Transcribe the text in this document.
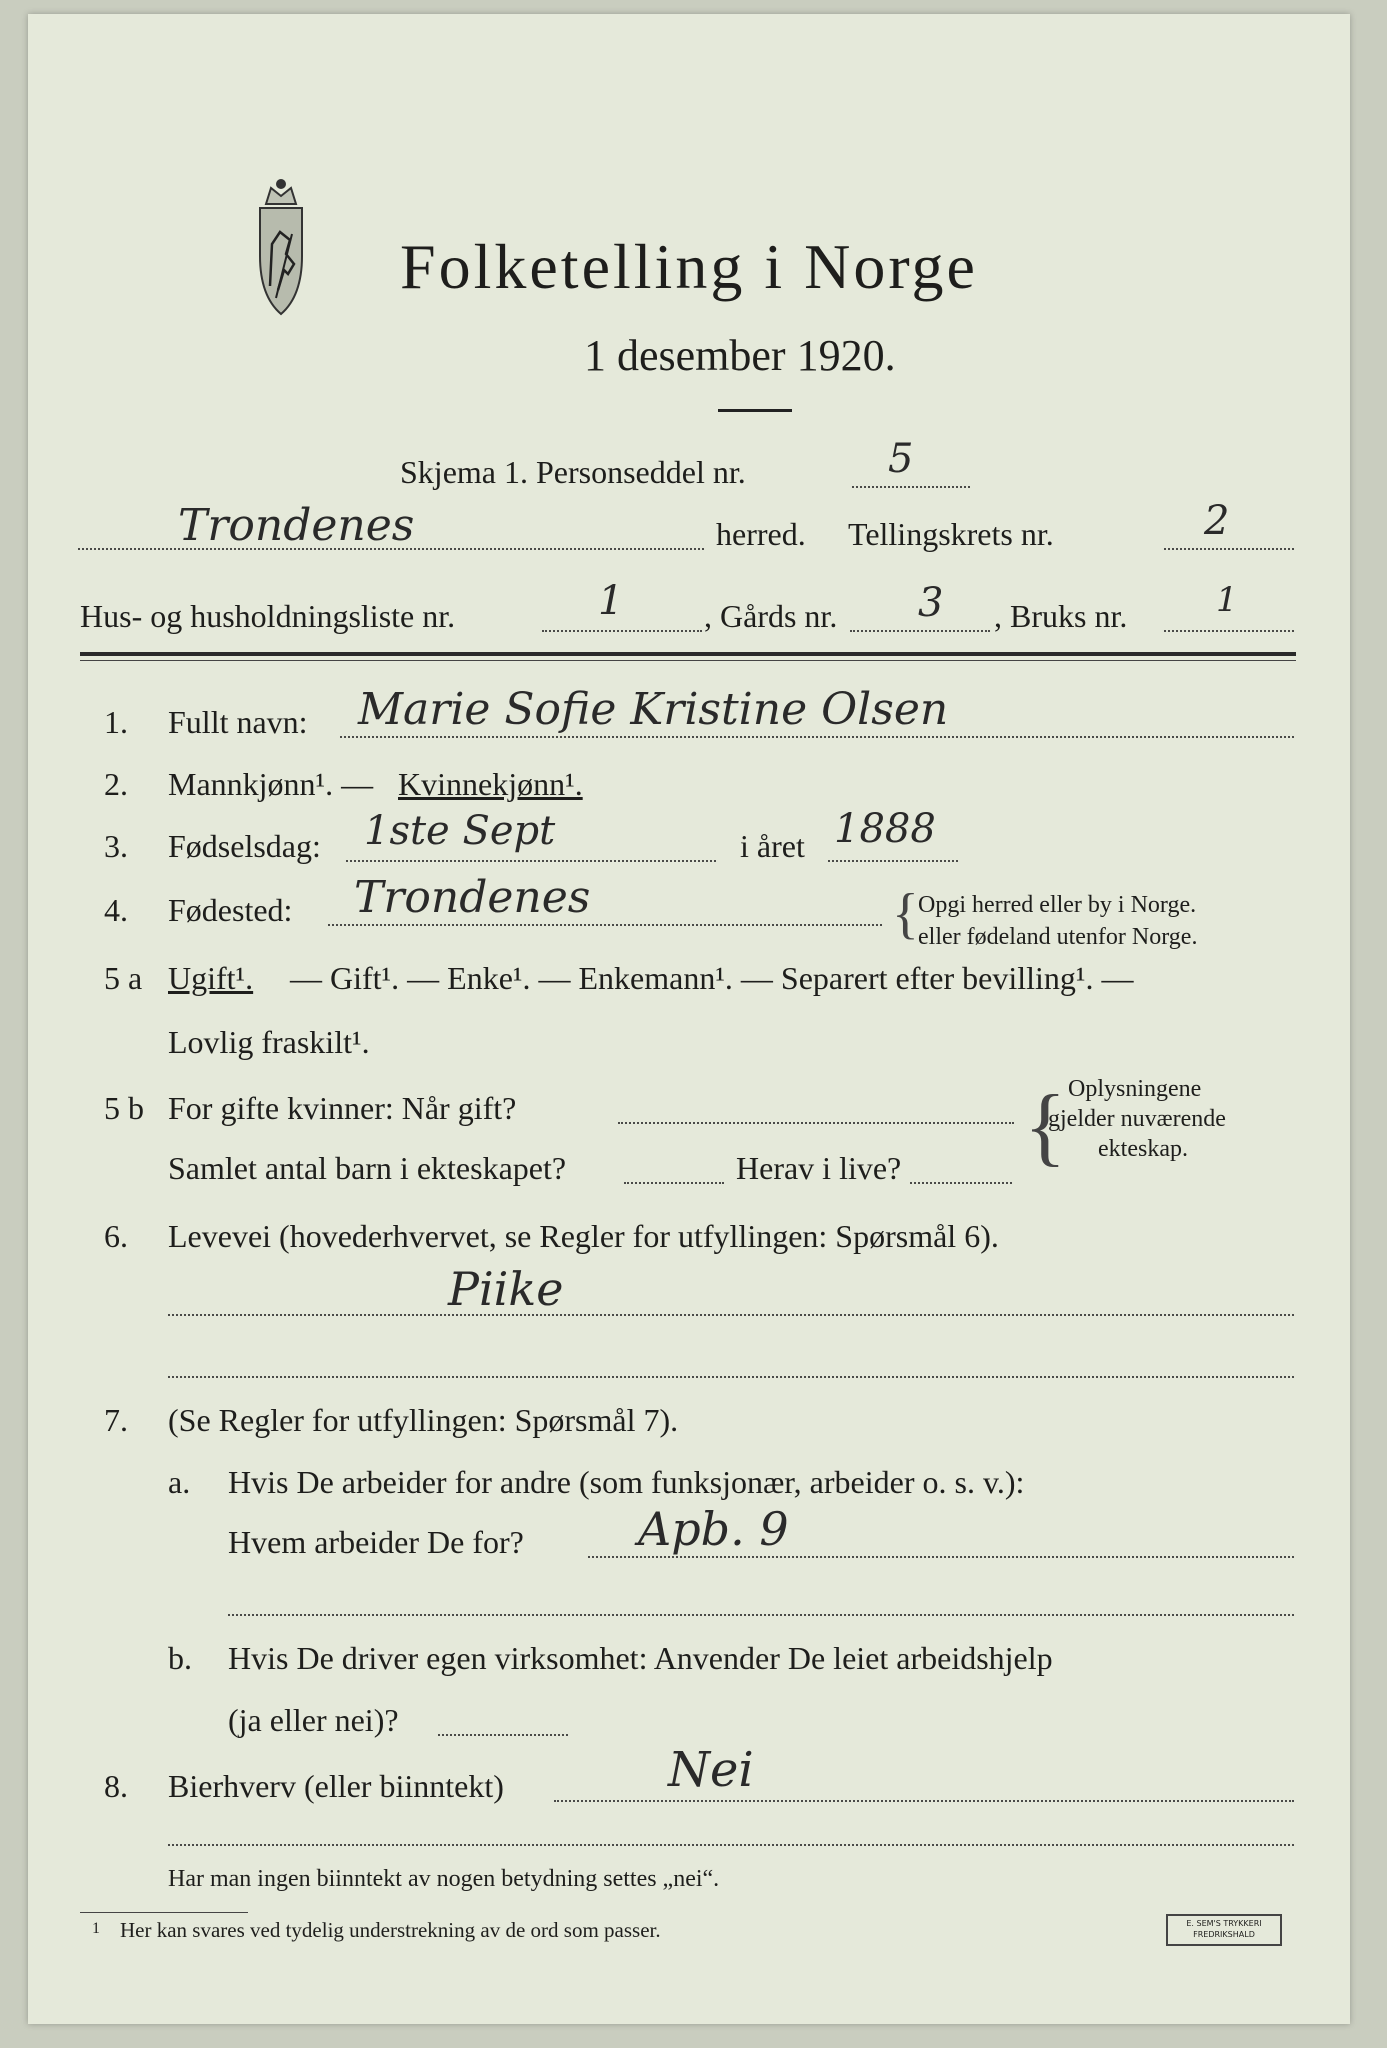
Folketelling i Norge
1 desember 1920.
Skjema 1. Personseddel nr.	5
Trondenes	herred. Tellingskrets nr.	2
Hus- og husholdningsliste nr.	1	, Gårds nr. 3 , Bruks nr.	1
1. Fullt navn: Marie Sofie Kristine Olsen
2. Mannkjønn¹. — Kvinnekjønn¹.
3. Fødselsdag: 1ste Sept	i året 1888
4. Fødested: Trondenes	{ Opgi herred eller by i Norge.
eller fødeland utenfor Norge.
5 a Ugift¹. — Gift¹. — Enke¹. — Enkemann¹. — Separert efter bevilling¹. —
Lovlig fraskilt¹.
5 b For gifte kvinner: Når gift?
Samlet antal barn i ekteskapet?	Herav i live? { Oplysningene
gjelder nuværende
ekteskap.
6. Levevei (hovederhvervet, se Regler for utfyllingen: Spørsmål 6).
Piike
7. (Se Regler for utfyllingen: Spørsmål 7).
a. Hvis De arbeider for andre (som funksjonær, arbeider o. s. v.):
Hvem arbeider De for? Apb. 9
b. Hvis De driver egen virksomhet: Anvender De leiet arbeidshjelp
(ja eller nei)?
8. Bierhverv (eller biinntekt)	Nei
Har man ingen biinntekt av nogen betydning settes „nei“.
1 Her kan svares ved tydelig understrekning av de ord som passer.	E. SEM'S TRYKKERI
FREDRIKSHALD
